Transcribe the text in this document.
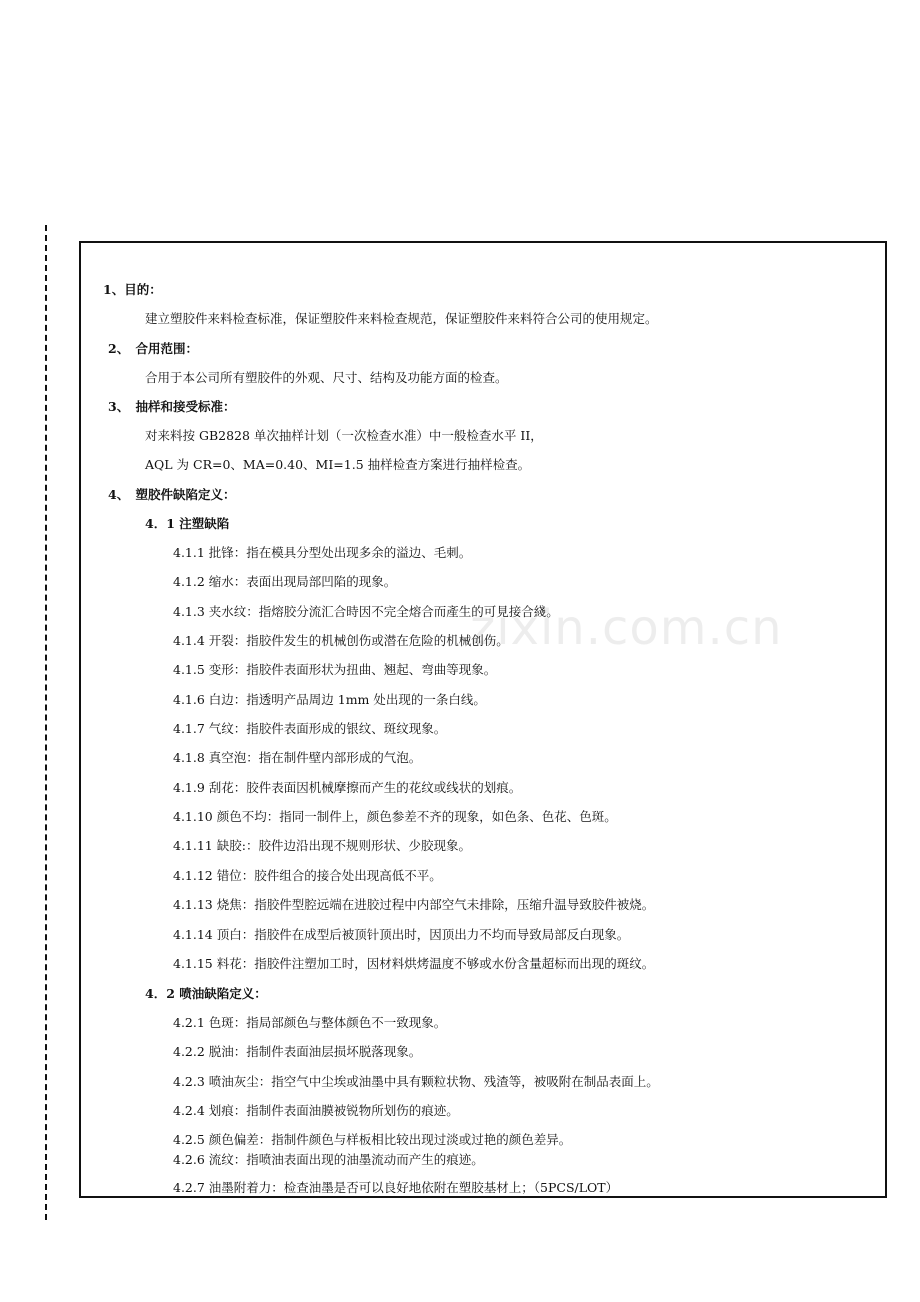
zixin.com.cn
1、目的：
建立塑胶件来料检查标准，保证塑胶件来料检查规范，保证塑胶件来料符合公司的使用规定。
2、　合用范围：
合用于本公司所有塑胶件的外观、尺寸、结构及功能方面的检查。
3、　抽样和接受标准：
对来料按 GB2828 单次抽样计划（一次检查水准）中一般检查水平 II，
AQL 为 CR=0、MA=0.40、MI=1.5 抽样检查方案进行抽样检查。
4、　塑胶件缺陷定义：
4．1 注塑缺陷
4.1.1 批锋：指在模具分型处出现多余的溢边、毛刺。
4.1.2 缩水：表面出现局部凹陷的现象。
4.1.3 夹水纹：指熔胶分流汇合時因不完全熔合而產生的可見接合綫。
4.1.4 开裂：指胶件发生的机械创伤或潜在危险的机械创伤。
4.1.5 变形：指胶件表面形状为扭曲、翘起、弯曲等现象。
4.1.6 白边：指透明产品周边 1mm 处出现的一条白线。
4.1.7 气纹：指胶件表面形成的银纹、斑纹现象。
4.1.8 真空泡：指在制件壁内部形成的气泡。
4.1.9 刮花：胶件表面因机械摩擦而产生的花纹或线状的划痕。
4.1.10 颜色不均：指同一制件上，颜色参差不齐的现象，如色条、色花、色斑。
4.1.11 缺胶:：胶件边沿出现不规则形状、少胶现象。
4.1.12 错位：胶件组合的接合处出现高低不平。
4.1.13 烧焦：指胶件型腔远端在进胶过程中内部空气未排除，压缩升温导致胶件被烧。
4.1.14 顶白：指胶件在成型后被顶针顶出时，因顶出力不均而导致局部反白现象。
4.1.15 料花：指胶件注塑加工时，因材料烘烤温度不够或水份含量超标而出现的斑纹。
4．2 喷油缺陷定义：
4.2.1 色斑：指局部颜色与整体颜色不一致现象。
4.2.2 脱油：指制件表面油层损坏脱落现象。
4.2.3 喷油灰尘：指空气中尘埃或油墨中具有颗粒状物、残渣等，被吸附在制品表面上。
4.2.4 划痕：指制件表面油膜被锐物所划伤的痕迹。
4.2.5 颜色偏差：指制件颜色与样板相比较出现过淡或过艳的颜色差异。
4.2.6 流纹：指喷油表面出现的油墨流动而产生的痕迹。
4.2.7 油墨附着力：检查油墨是否可以良好地依附在塑胶基材上；（5PCS/LOT）
